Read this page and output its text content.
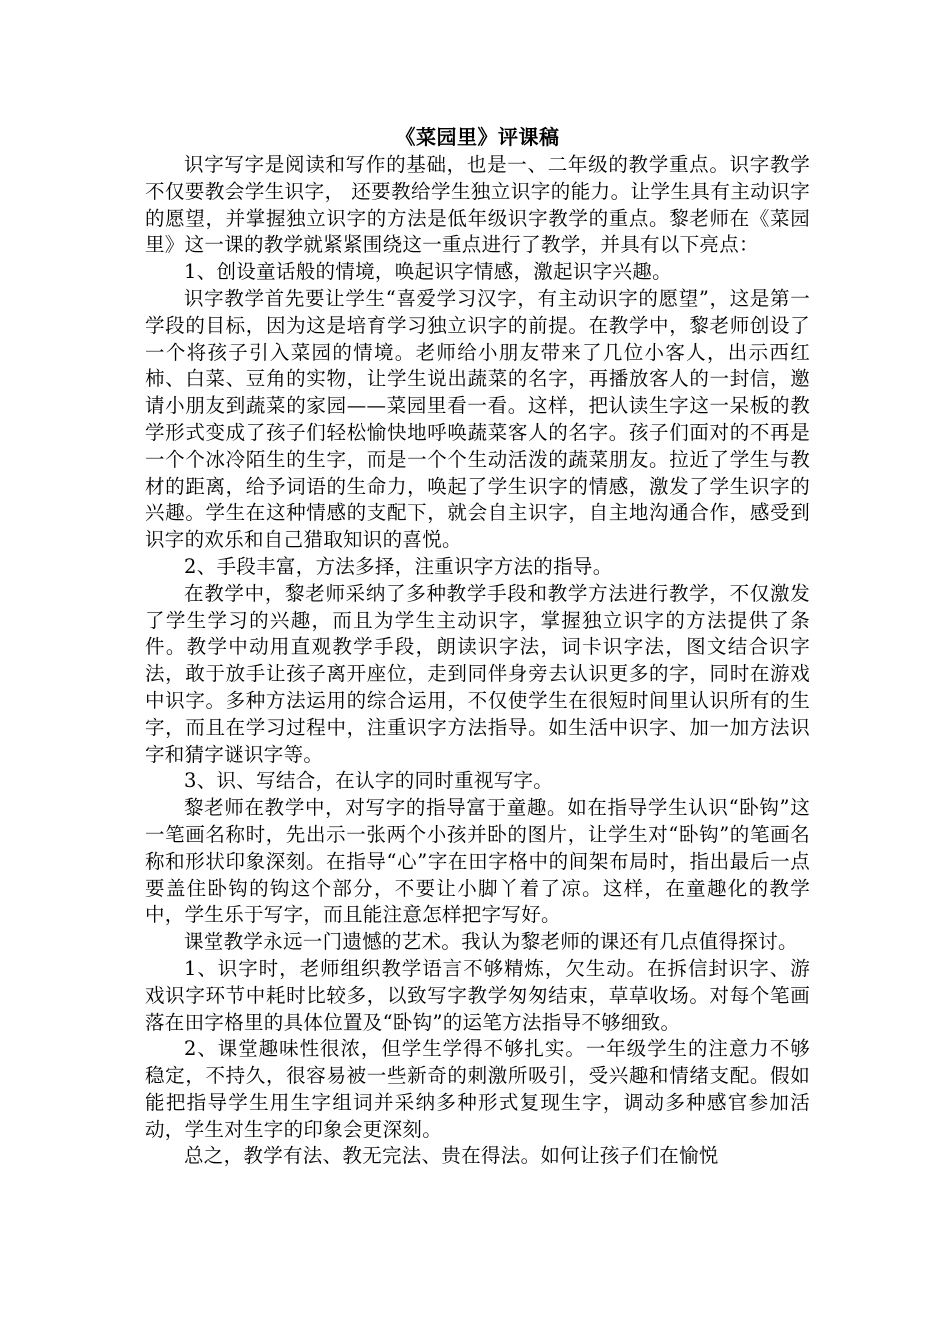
《菜园里》评课稿

识字写字是阅读和写作的基础，也是一、二年级的教学重点。识字教学不仅要教会学生识字， 还要教给学生独立识字的能力。让学生具有主动识字的愿望，并掌握独立识字的方法是低年级识字教学的重点。黎老师在《菜园里》这一课的教学就紧紧围绕这一重点进行了教学，并具有以下亮点：

1、创设童话般的情境，唤起识字情感，激起识字兴趣。

识字教学首先要让学生“喜爱学习汉字，有主动识字的愿望”，这是第一学段的目标，因为这是培育学习独立识字的前提。在教学中，黎老师创设了一个将孩子引入菜园的情境。老师给小朋友带来了几位小客人，出示西红柿、白菜、豆角的实物，让学生说出蔬菜的名字，再播放客人的一封信，邀请小朋友到蔬菜的家园——菜园里看一看。这样，把认读生字这一呆板的教学形式变成了孩子们轻松愉快地呼唤蔬菜客人的名字。孩子们面对的不再是一个个冰冷陌生的生字，而是一个个生动活泼的蔬菜朋友。拉近了学生与教材的距离，给予词语的生命力，唤起了学生识字的情感，激发了学生识字的兴趣。学生在这种情感的支配下，就会自主识字，自主地沟通合作，感受到识字的欢乐和自己猎取知识的喜悦。

2、手段丰富，方法多择，注重识字方法的指导。

在教学中，黎老师采纳了多种教学手段和教学方法进行教学，不仅激发了学生学习的兴趣，而且为学生主动识字，掌握独立识字的方法提供了条件。教学中动用直观教学手段，朗读识字法，词卡识字法，图文结合识字法，敢于放手让孩子离开座位，走到同伴身旁去认识更多的字，同时在游戏中识字。多种方法运用的综合运用，不仅使学生在很短时间里认识所有的生字，而且在学习过程中，注重识字方法指导。如生活中识字、加一加方法识字和猜字谜识字等。

3、识、写结合，在认字的同时重视写字。

黎老师在教学中，对写字的指导富于童趣。如在指导学生认识“卧钩”这一笔画名称时，先出示一张两个小孩并卧的图片，让学生对“卧钩”的笔画名称和形状印象深刻。在指导“心”字在田字格中的间架布局时，指出最后一点要盖住卧钩的钩这个部分，不要让小脚丫着了凉。这样，在童趣化的教学中，学生乐于写字，而且能注意怎样把字写好。

课堂教学永远一门遗憾的艺术。我认为黎老师的课还有几点值得探讨。

1、识字时，老师组织教学语言不够精炼，欠生动。在拆信封识字、游戏识字环节中耗时比较多，以致写字教学匆匆结束，草草收场。对每个笔画落在田字格里的具体位置及“卧钩”的运笔方法指导不够细致。

2、课堂趣味性很浓，但学生学得不够扎实。一年级学生的注意力不够稳定，不持久，很容易被一些新奇的刺激所吸引，受兴趣和情绪支配。假如能把指导学生用生字组词并采纳多种形式复现生字，调动多种感官参加活动，学生对生字的印象会更深刻。

总之，教学有法、教无完法、贵在得法。如何让孩子们在愉悦
